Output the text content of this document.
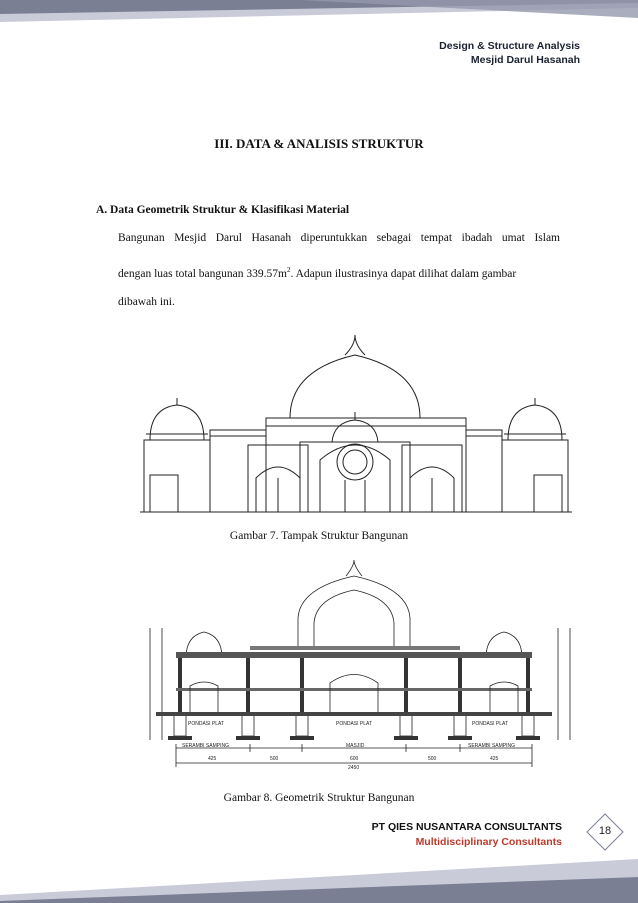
Design & Structure Analysis
Mesjid Darul Hasanah
III. DATA & ANALISIS STRUKTUR
A. Data Geometrik Struktur & Klasifikasi Material
Bangunan Mesjid Darul Hasanah diperuntukkan sebagai tempat ibadah umat Islam
dengan luas total bangunan $339.57m^2$. Adapun ilustrasinya dapat dilihat dalam gambar
dibawah ini.
Gambar 7. Tampak Struktur Bangunan
PONDASI PLAT	PONDASI PLAT	PONDASI PLAT
SERAMBI SAMPING	MASJID	SERAMBI SAMPING
425	500	600	500	425
2450
Gambar 8. Geometrik Struktur Bangunan
PT QIES NUSANTARA CONSULTANTS
Multidisciplinary Consultants
18
